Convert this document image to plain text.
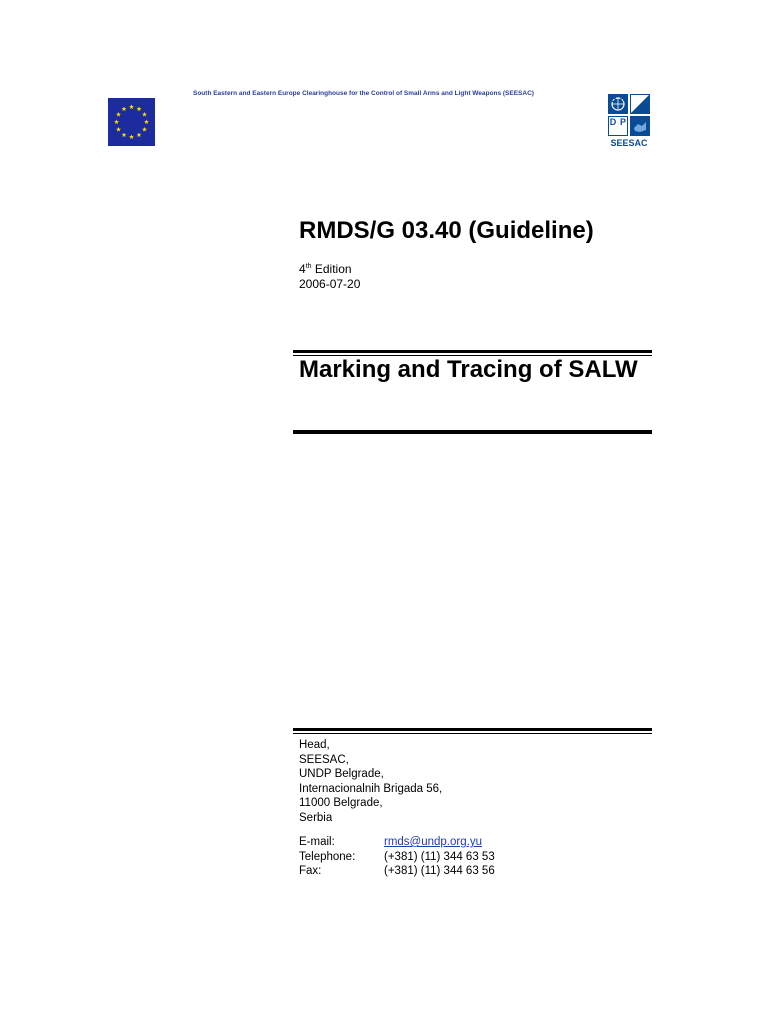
South Eastern and Eastern Europe Clearinghouse for the Control of Small Arms and Light Weapons (SEESAC)
U
D P
N
SEESAC
RMDS/G 03.40 (Guideline)
4th Edition
2006-07-20
Marking and Tracing of SALW
Head,
SEESAC,
UNDP Belgrade,
Internacionalnih Brigada 56,
11000 Belgrade,
Serbia
E-mail:	rmds@undp.org.yu
Telephone:	(+381) (11) 344 63 53
Fax:	(+381) (11) 344 63 56
